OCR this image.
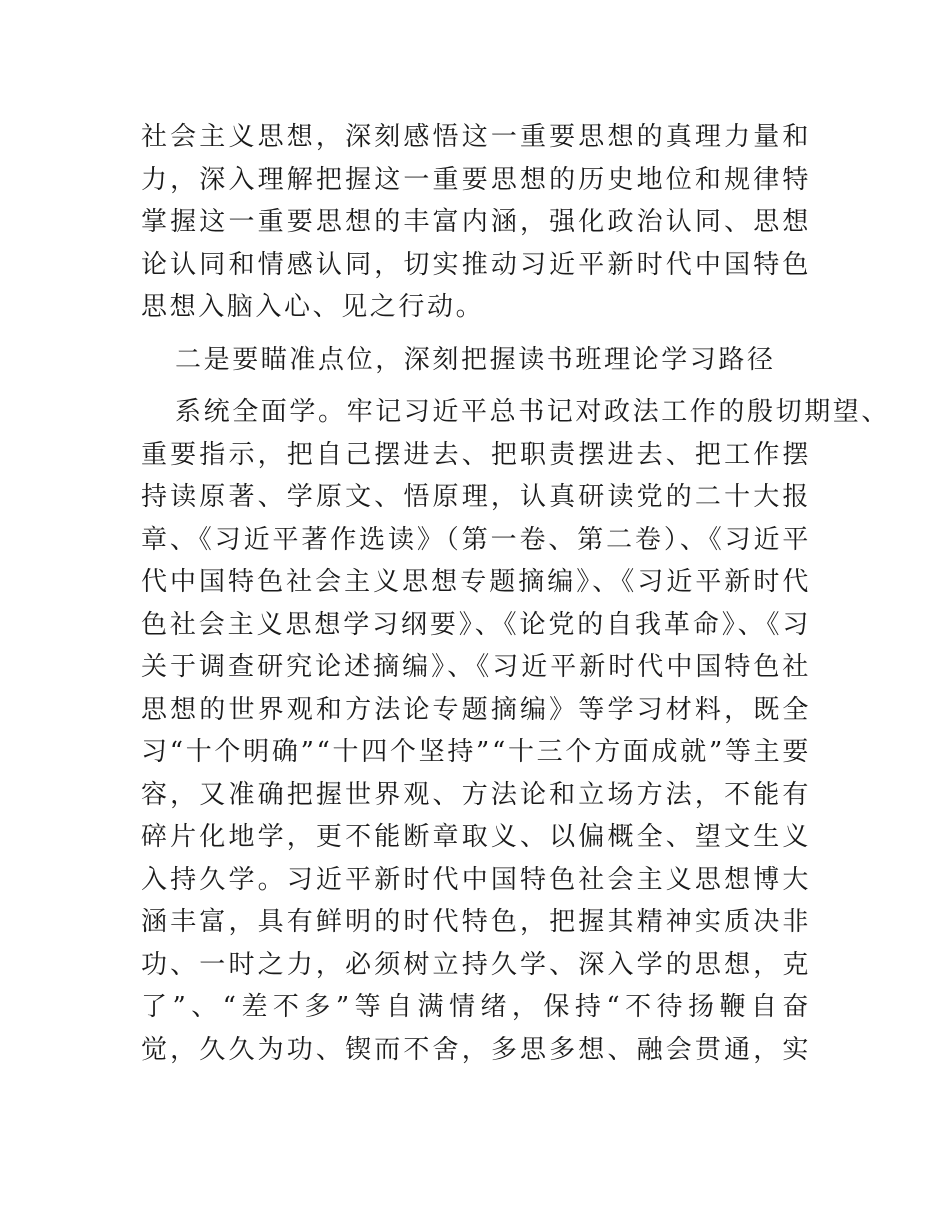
社会主义思想，深刻感悟这一重要思想的真理力量和
力，深入理解把握这一重要思想的历史地位和规律特
掌握这一重要思想的丰富内涵，强化政治认同、思想
论认同和情感认同，切实推动习近平新时代中国特色
思想入脑入心、见之行动。
二是要瞄准点位，深刻把握读书班理论学习路径
系统全面学。牢记习近平总书记对政法工作的殷切期望、
重要指示，把自己摆进去、把职责摆进去、把工作摆
持读原著、学原文、悟原理，认真研读党的二十大报
章、《习近平著作选读》（第一卷、第二卷）、《习近平
代中国特色社会主义思想专题摘编》、《习近平新时代
色社会主义思想学习纲要》、《论党的自我革命》、《习
关于调查研究论述摘编》、《习近平新时代中国特色社
思想的世界观和方法论专题摘编》等学习材料，既全
习“十个明确”“十四个坚持”“十三个方面成就”等主要
容，又准确把握世界观、方法论和立场方法，不能有
碎片化地学，更不能断章取义、以偏概全、望文生义
入持久学。习近平新时代中国特色社会主义思想博大
涵丰富，具有鲜明的时代特色，把握其精神实质决非
功、一时之力，必须树立持久学、深入学的思想，克
了”、“差不多”等自满情绪，保持“不待扬鞭自奋
觉，久久为功、锲而不舍，多思多想、融会贯通，实
